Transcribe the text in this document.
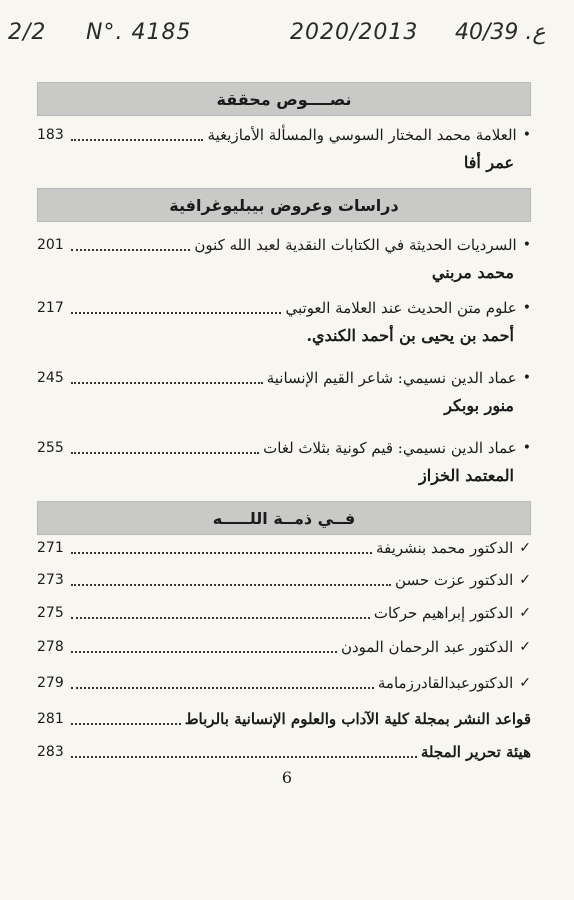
2/2 N°. 4185	2020/2013 40/39 .ع
نصــــوص محققة
•
العلامة محمد المختار السوسي والمسألة الأمازيغية
183
عمر أفا
دراسات وعروض بيبليوغرافية
•
السرديات الحديثة في الكتابات النقدية لعبد الله كنون
201
محمد مربني
•
علوم متن الحديث عند العلامة العوتبي
217
أحمد بن يحيى بن أحمد الكندي.
•
عماد الدين نسيمي: شاعر القيم الإنسانية
245
منور بوبكر
•
عماد الدين نسيمي: قيم كونية بثلاث لغات
255
المعتمد الخزاز
فــي ذمــة اللـــــه
✓
الدكتور محمد بنشريفة
271
✓
الدكتور عزت حسن
273
✓
الدكتور إبراهيم حركات
275
✓
الدكتور عبد الرحمان المودن
278
✓
الدكتورعبدالقادرزمامة
279
قواعد النشر بمجلة كلية الآداب والعلوم الإنسانية بالرباط
281
هيئة تحرير المجلة
283
6
